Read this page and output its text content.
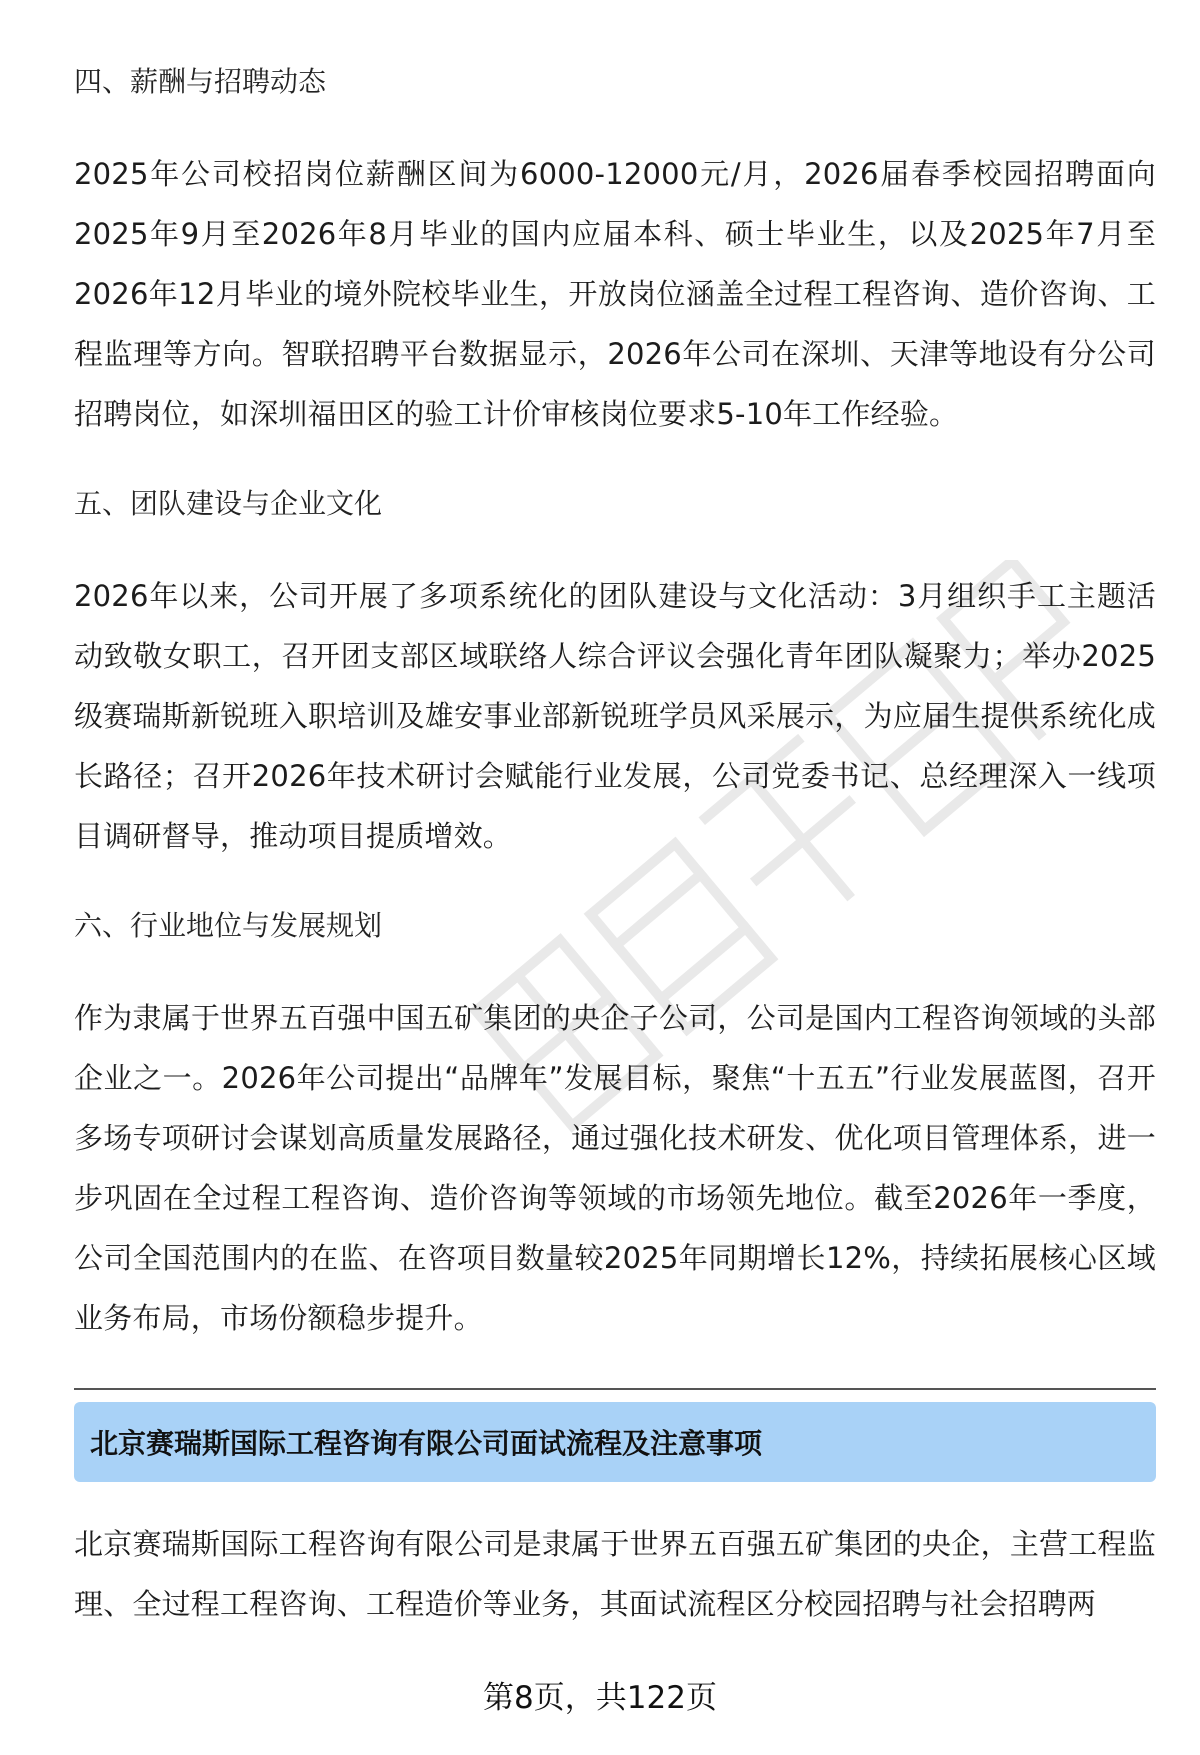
四、薪酬与招聘动态
2025年公司校招岗位薪酬区间为6000-12000元/月，2026届春季校园招聘面向2025年9月至2026年8月毕业的国内应届本科、硕士毕业生，以及2025年7月至2026年12月毕业的境外院校毕业生，开放岗位涵盖全过程工程咨询、造价咨询、工程监理等方向。智联招聘平台数据显示，2026年公司在深圳、天津等地设有分公司招聘岗位，如深圳福田区的验工计价审核岗位要求5-10年工作经验。
五、团队建设与企业文化
2026年以来，公司开展了多项系统化的团队建设与文化活动：3月组织手工主题活动致敬女职工，召开团支部区域联络人综合评议会强化青年团队凝聚力；举办2025级赛瑞斯新锐班入职培训及雄安事业部新锐班学员风采展示，为应届生提供系统化成长路径；召开2026年技术研讨会赋能行业发展，公司党委书记、总经理深入一线项目调研督导，推动项目提质增效。
六、行业地位与发展规划
作为隶属于世界五百强中国五矿集团的央企子公司，公司是国内工程咨询领域的头部企业之一。2026年公司提出“品牌年”发展目标，聚焦“十五五”行业发展蓝图，召开多场专项研讨会谋划高质量发展路径，通过强化技术研发、优化项目管理体系，进一步巩固在全过程工程咨询、造价咨询等领域的市场领先地位。截至2026年一季度，公司全国范围内的在监、在咨项目数量较2025年同期增长12%，持续拓展核心区域业务布局，市场份额稳步提升。
北京赛瑞斯国际工程咨询有限公司面试流程及注意事项
北京赛瑞斯国际工程咨询有限公司是隶属于世界五百强五矿集团的央企，主营工程监理、全过程工程咨询、工程造价等业务，其面试流程区分校园招聘与社会招聘两
第8页，共122页
